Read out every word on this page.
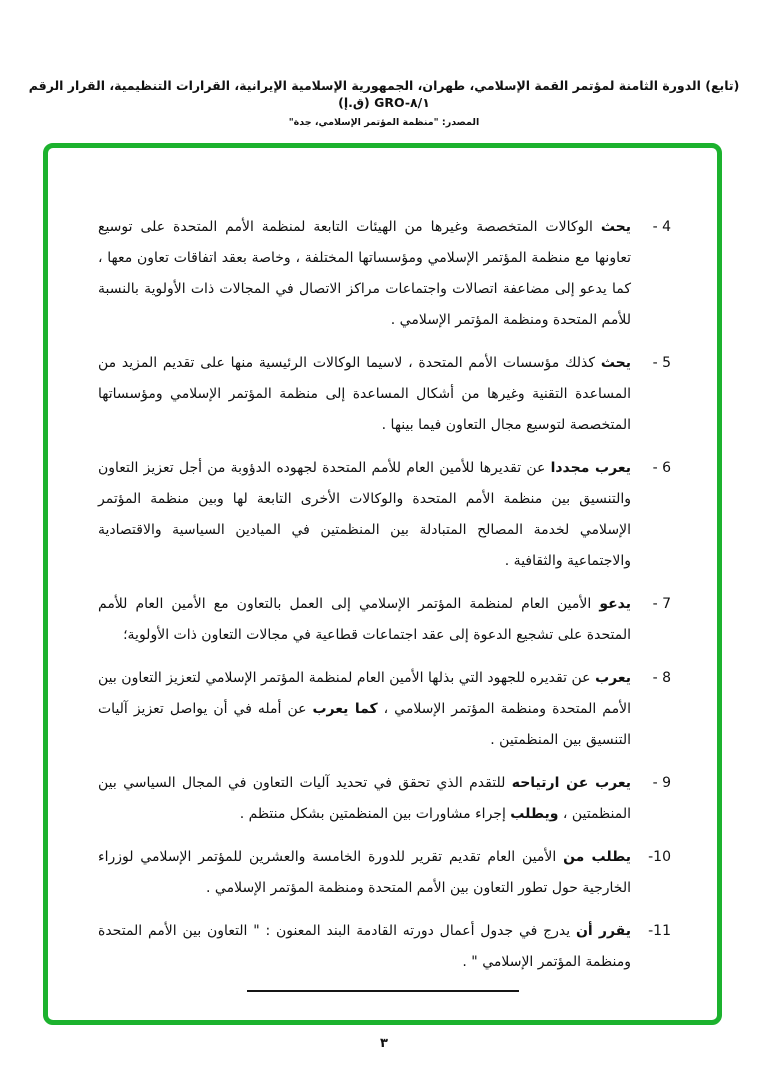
(تابع) الدورة الثامنة لمؤتمر القمة الإسلامي، طهران، الجمهورية الإسلامية الإيرانية، القرارات التنظيمية، القرار الرقم ‪GRO-٨/١‬ (ق.إ)
المصدر: "منظمة المؤتمر الإسلامي، جدة"
4 -

يحث الوكالات المتخصصة وغيرها من الهيئات التابعة لمنظمة الأمم المتحدة على توسيع تعاونها مع منظمة المؤتمر الإسلامي ومؤسساتها المختلفة ، وخاصة بعقد اتفاقات تعاون معها ، كما يدعو إلى مضاعفة اتصالات واجتماعات مراكز الاتصال في المجالات ذات الأولوية بالنسبة للأمم المتحدة ومنظمة المؤتمر الإسلامي .

5 -

يحث كذلك مؤسسات الأمم المتحدة ، لاسيما الوكالات الرئيسية منها على تقديم المزيد من المساعدة التقنية وغيرها من أشكال المساعدة إلى منظمة المؤتمر الإسلامي ومؤسساتها المتخصصة لتوسيع مجال التعاون فيما بينها .

6 -

يعرب مجددا عن تقديرها للأمين العام للأمم المتحدة لجهوده الدؤوبة من أجل تعزيز التعاون والتنسيق بين منظمة الأمم المتحدة والوكالات الأخرى التابعة لها وبين منظمة المؤتمر الإسلامي لخدمة المصالح المتبادلة بين المنظمتين في الميادين السياسية والاقتصادية والاجتماعية والثقافية .

7 -

يدعو الأمين العام لمنظمة المؤتمر الإسلامي إلى العمل بالتعاون مع الأمين العام للأمم المتحدة على تشجيع الدعوة إلى عقد اجتماعات قطاعية في مجالات التعاون ذات الأولوية؛

8 -

يعرب عن تقديره للجهود التي بذلها الأمين العام لمنظمة المؤتمر الإسلامي لتعزيز التعاون بين الأمم المتحدة ومنظمة المؤتمر الإسلامي ، كما يعرب عن أمله في أن يواصل تعزيز آليات التنسيق بين المنظمتين .

9 -

يعرب عن ارتياحه للتقدم الذي تحقق في تحديد آليات التعاون في المجال السياسي بين المنظمتين ، ويطلب إجراء مشاورات بين المنظمتين بشكل منتظم .

10-

يطلب من الأمين العام تقديم تقرير للدورة الخامسة والعشرين للمؤتمر الإسلامي لوزراء الخارجية حول تطور التعاون بين الأمم المتحدة ومنظمة المؤتمر الإسلامي .

11-

يقرر أن يدرج في جدول أعمال دورته القادمة البند المعنون : " التعاون بين الأمم المتحدة ومنظمة المؤتمر الإسلامي " .

٣
